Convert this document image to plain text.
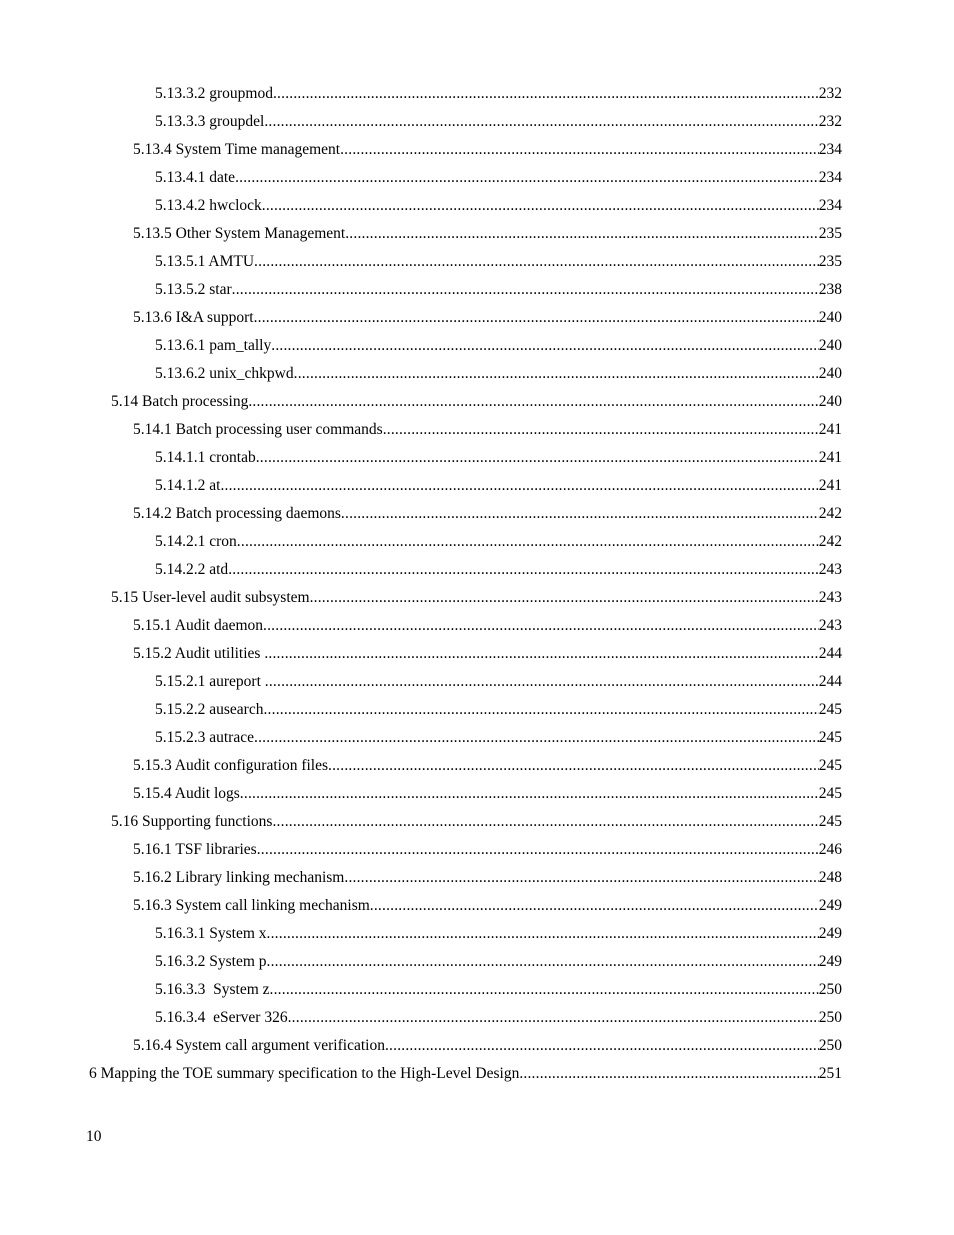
5.13.3.2 groupmod .....	232
5.13.3.3 groupdel .....	232
5.13.4 System Time management .....	234
5.13.4.1 date .....	234
5.13.4.2 hwclock .....	234
5.13.5 Other System Management .....	235
5.13.5.1 AMTU .....	235
5.13.5.2 star .....	238
5.13.6 I&A support .....	240
5.13.6.1 pam_tally .....	240
5.13.6.2 unix_chkpwd .....	240
5.14 Batch processing .....	240
5.14.1 Batch processing user commands .....	241
5.14.1.1 crontab .....	241
5.14.1.2 at .....	241
5.14.2 Batch processing daemons .....	242
5.14.2.1 cron .....	242
5.14.2.2 atd .....	243
5.15 User-level audit subsystem .....	243
5.15.1 Audit daemon .....	243
5.15.2 Audit utilities .....	244
5.15.2.1 aureport .....	244
5.15.2.2 ausearch .....	245
5.15.2.3 autrace .....	245
5.15.3 Audit configuration files .....	245
5.15.4 Audit logs .....	245
5.16 Supporting functions .....	245
5.16.1 TSF libraries .....	246
5.16.2 Library linking mechanism .....	248
5.16.3 System call linking mechanism .....	249
5.16.3.1 System x .....	249
5.16.3.2 System p .....	249
5.16.3.3  System z .....	250
5.16.3.4  eServer 326 .....	250
5.16.4 System call argument verification .....	250
6 Mapping the TOE summary specification to the High-Level Design .....	251
10
